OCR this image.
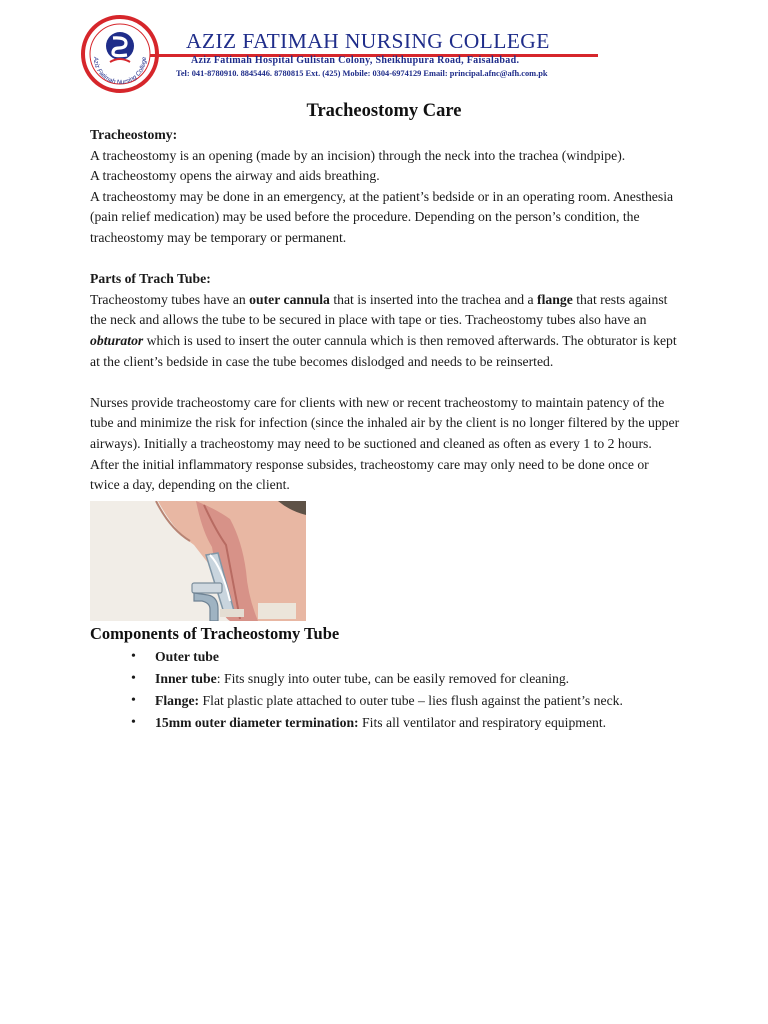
Aziz Fatimah Nursing College
AZIZ FATIMAH NURSING COLLEGE
Aziz Fatimah Hospital Gulistan Colony, Sheikhupura Road, Faisalabad.
Tel: 041-8780910. 8845446. 8780815 Ext. (425) Mobile: 0304-6974129 Email: principal.afnc@afh.com.pk
Tracheostomy Care

Tracheostomy:

A tracheostomy is an opening (made by an incision) through the neck into the trachea (windpipe).

A tracheostomy opens the airway and aids breathing.

A tracheostomy may be done in an emergency, at the patient’s bedside or in an operating room. Anesthesia (pain relief medication) may be used before the procedure. Depending on the person’s condition, the tracheostomy may be temporary or permanent.

Parts of Trach Tube:

Tracheostomy tubes have an outer cannula that is inserted into the trachea and a flange that rests against the neck and allows the tube to be secured in place with tape or ties. Tracheostomy tubes also have an obturator which is used to insert the outer cannula which is then removed afterwards. The obturator is kept at the client’s bedside in case the tube becomes dislodged and needs to be reinserted.

Nurses provide tracheostomy care for clients with new or recent tracheostomy to maintain patency of the tube and minimize the risk for infection (since the inhaled air by the client is no longer filtered by the upper airways). Initially a tracheostomy may need to be suctioned and cleaned as often as every 1 to 2 hours. After the initial inflammatory response subsides, tracheostomy care may only need to be done once or twice a day, depending on the client.

Components of Tracheostomy Tube
• Outer tube
• Inner tube: Fits snugly into outer tube, can be easily removed for cleaning.
• Flange: Flat plastic plate attached to outer tube – lies flush against the patient’s neck.
• 15mm outer diameter termination: Fits all ventilator and respiratory equipment.
